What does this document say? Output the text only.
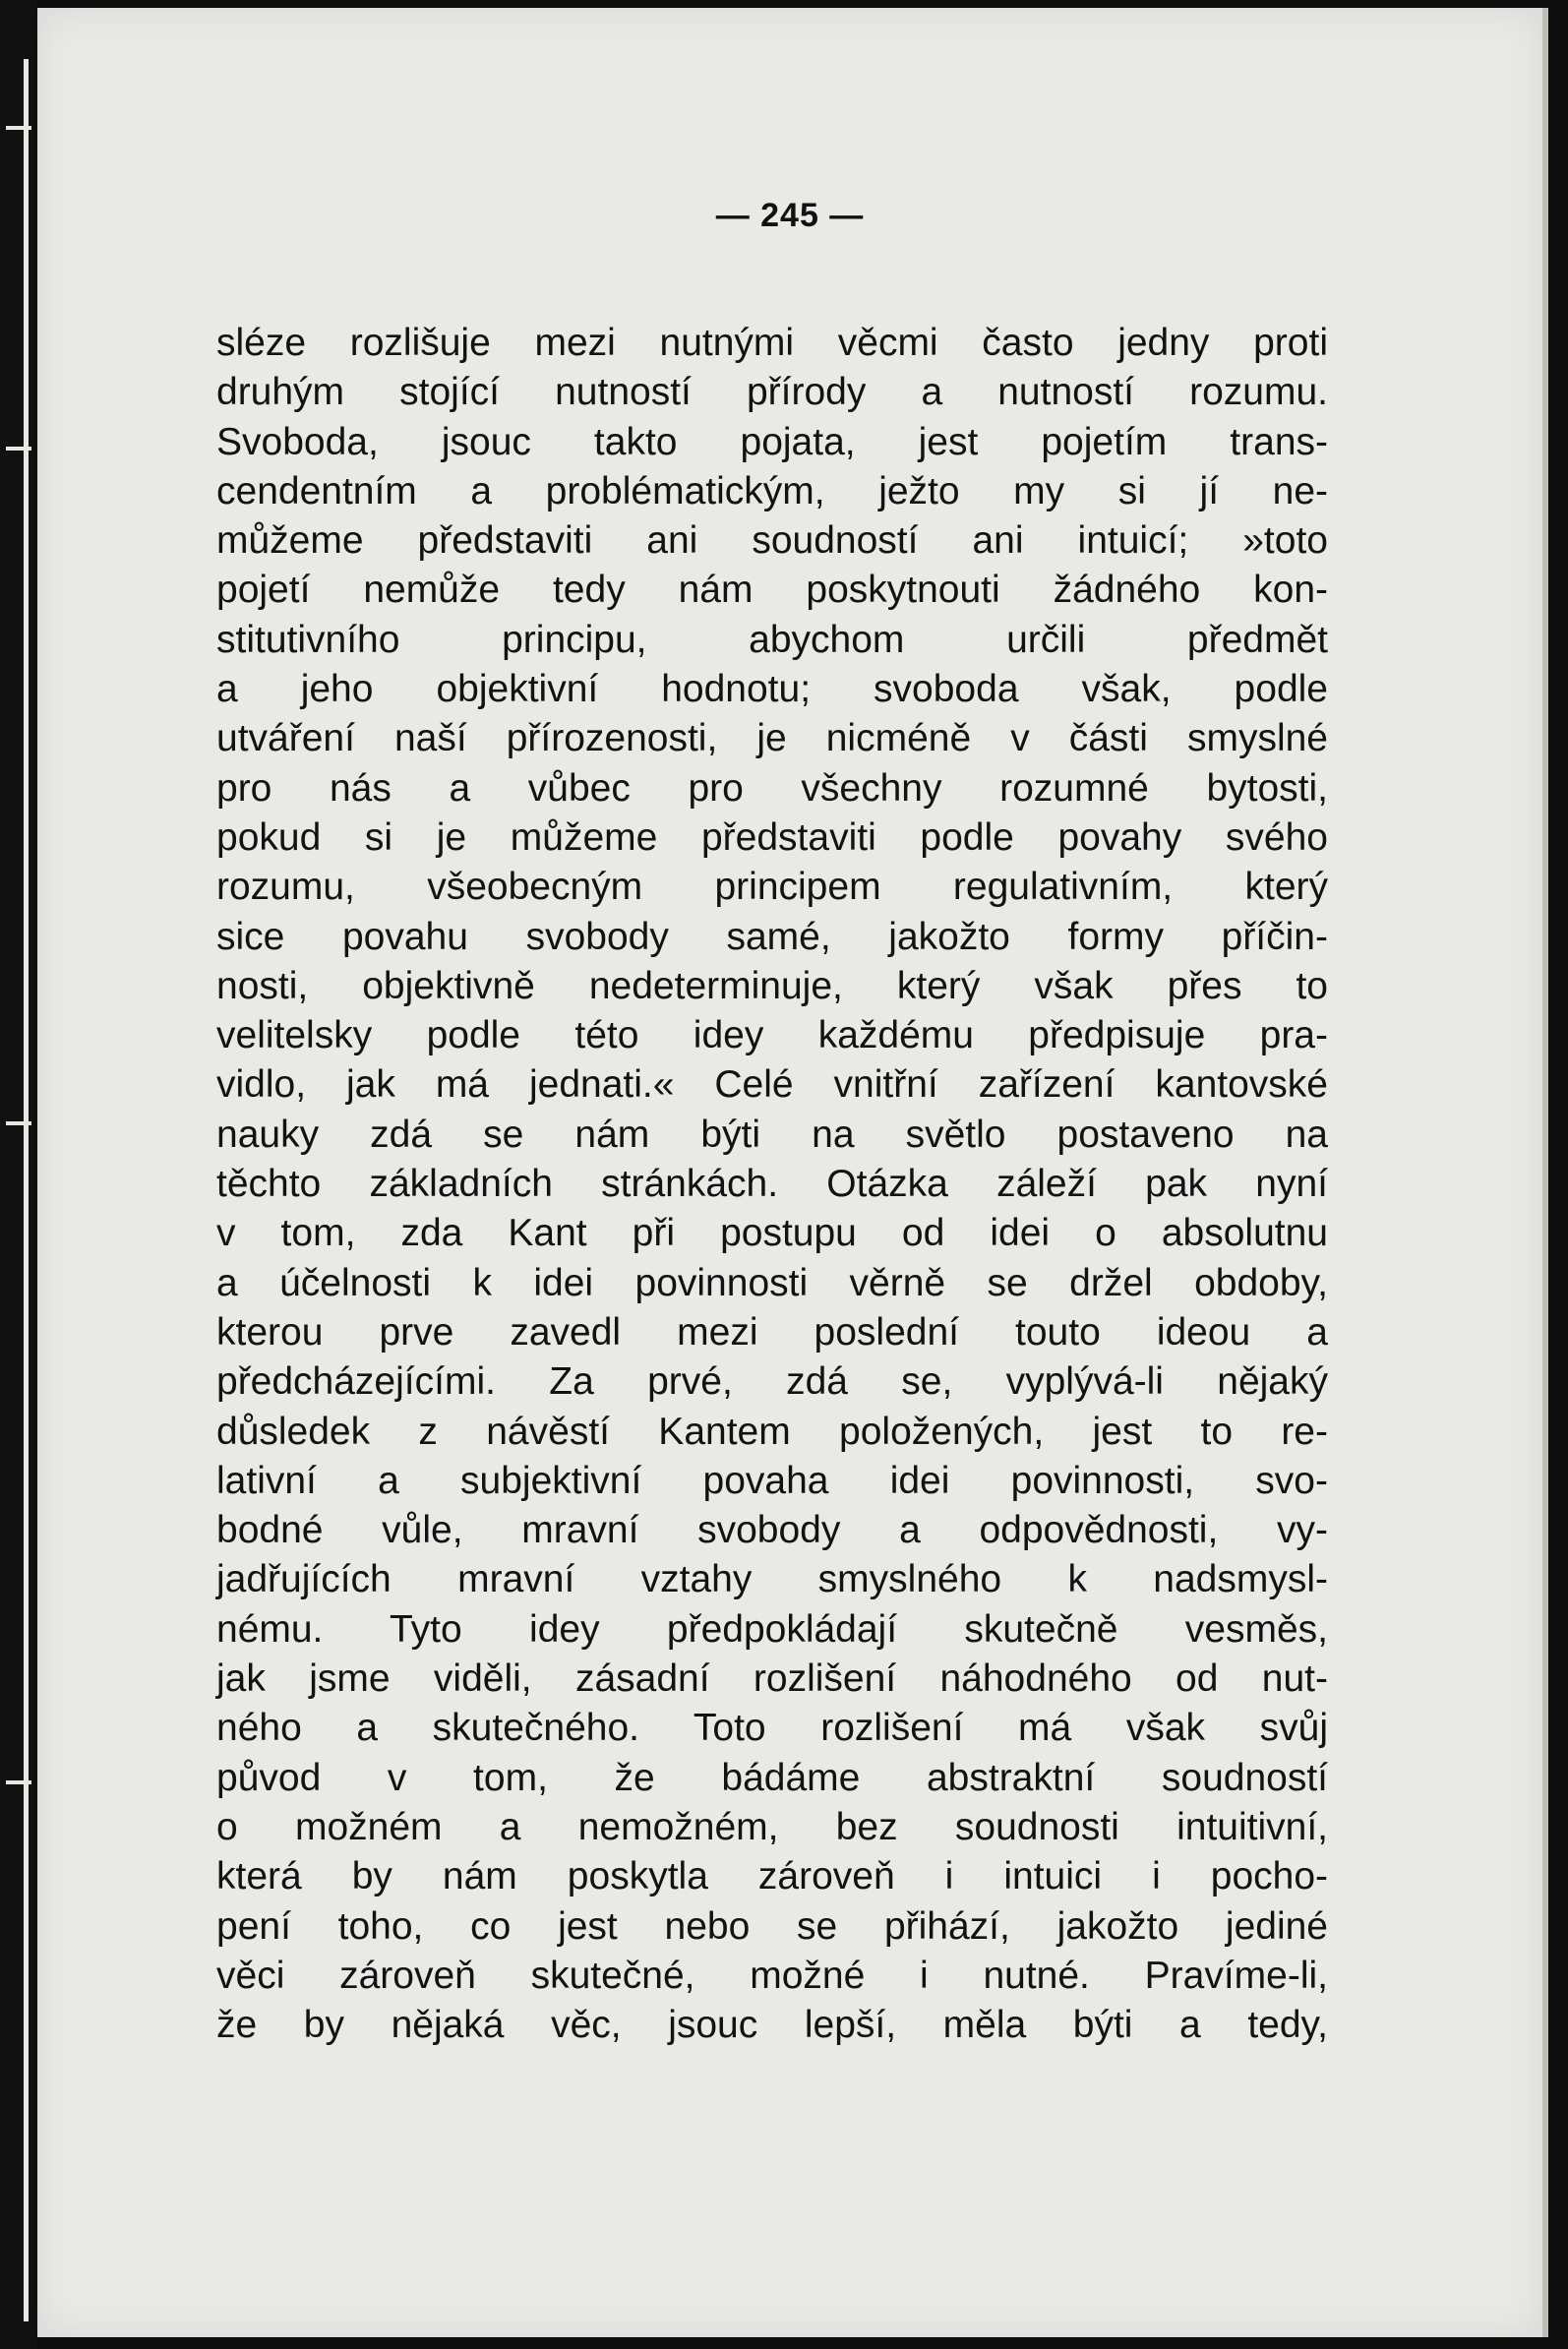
— 245 —
sléze rozlišuje mezi nutnými věcmi často jedny proti
druhým stojící nutností přírody a nutností rozumu.
Svoboda, jsouc takto pojata, jest pojetím trans-
cendentním a problématickým, ježto my si jí ne-
můžeme představiti ani soudností ani intuicí; »toto
pojetí nemůže tedy nám poskytnouti žádného kon-
stitutivního principu, abychom určili předmět
a jeho objektivní hodnotu; svoboda však, podle
utváření naší přírozenosti, je nicméně v části smyslné
pro nás a vůbec pro všechny rozumné bytosti,
pokud si je můžeme představiti podle povahy svého
rozumu, všeobecným principem regulativním, který
sice povahu svobody samé, jakožto formy příčin-
nosti, objektivně nedeterminuje, který však přes to
velitelsky podle této idey každému předpisuje pra-
vidlo, jak má jednati.« Celé vnitřní zařízení kantovské
nauky zdá se nám býti na světlo postaveno na
těchto základních stránkách. Otázka záleží pak nyní
v tom, zda Kant při postupu od idei o absolutnu
a účelnosti k idei povinnosti věrně se držel obdoby,
kterou prve zavedl mezi poslední touto ideou a
předcházejícími. Za prvé, zdá se, vyplývá-li nějaký
důsledek z návěstí Kantem položených, jest to re-
lativní a subjektivní povaha idei povinnosti, svo-
bodné vůle, mravní svobody a odpovědnosti, vy-
jadřujících mravní vztahy smyslného k nadsmysl-
nému. Tyto idey předpokládají skutečně vesměs,
jak jsme viděli, zásadní rozlišení náhodného od nut-
ného a skutečného. Toto rozlišení má však svůj
původ v tom, že bádáme abstraktní soudností
o možném a nemožném, bez soudnosti intuitivní,
která by nám poskytla zároveň i intuici i pocho-
pení toho, co jest nebo se přihází, jakožto jediné
věci zároveň skutečné, možné i nutné. Pravíme-li,
že by nějaká věc, jsouc lepší, měla býti a tedy,
